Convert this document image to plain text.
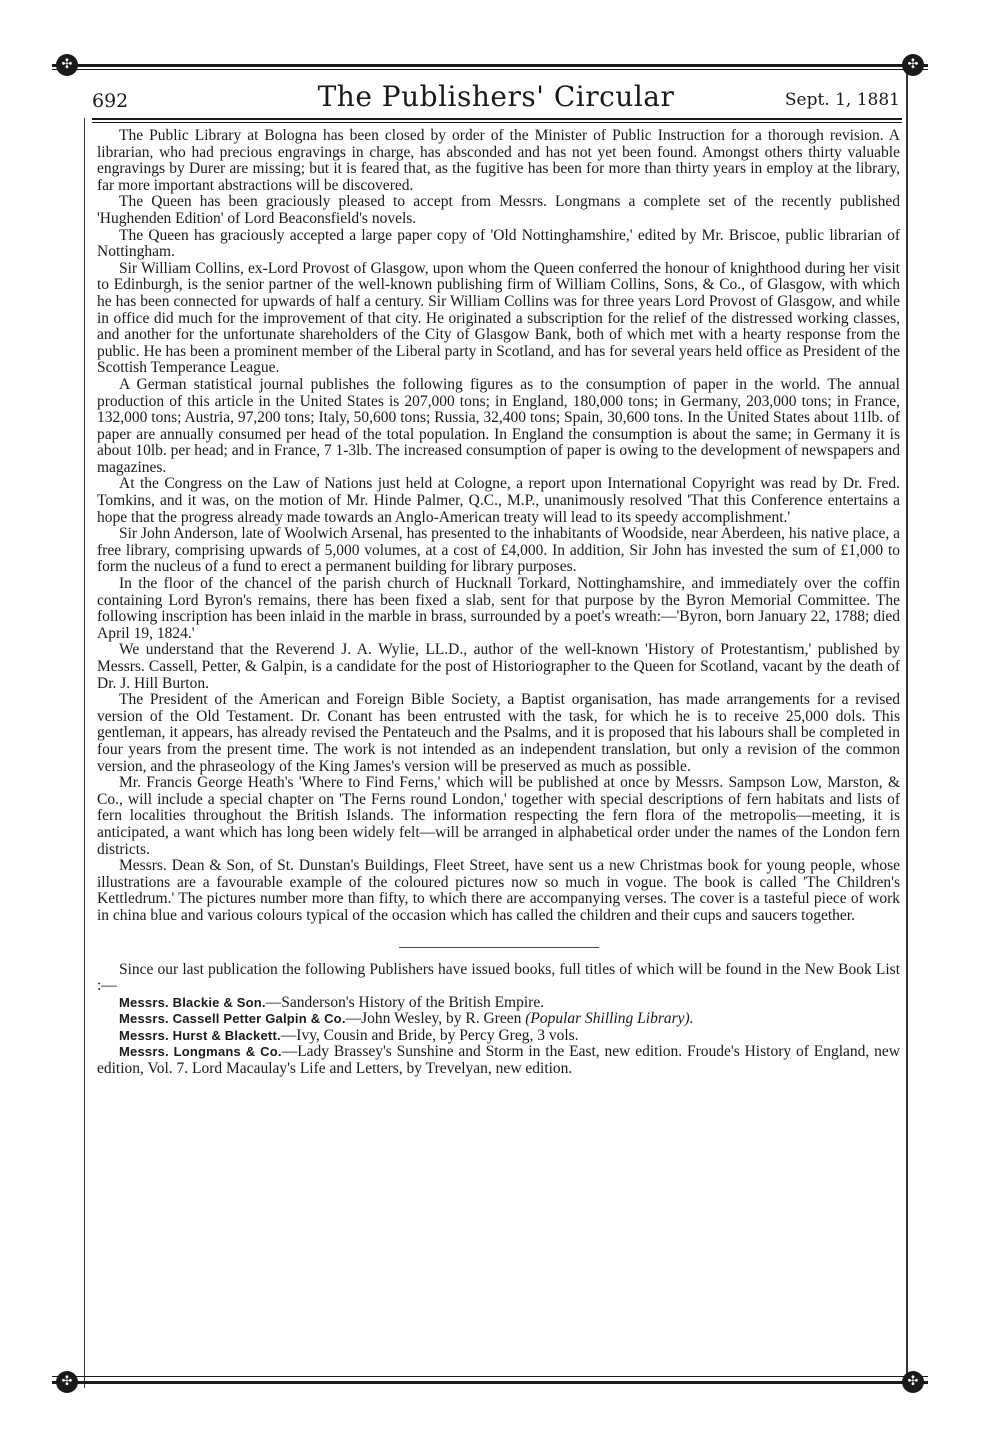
✣	✣
✣	✣
692	The Publishers' Circular	Sept. 1, 1881

The Public Library at Bologna has been closed by order of the Minister of Public Instruction for a thorough revision. A librarian, who had precious engravings in charge, has absconded and has not yet been found. Amongst others thirty valuable engravings by Durer are missing; but it is feared that, as the fugitive has been for more than thirty years in employ at the library, far more important abstractions will be discovered.

The Queen has been graciously pleased to accept from Messrs. Longmans a complete set of the recently published 'Hughenden Edition' of Lord Beaconsfield's novels.

The Queen has graciously accepted a large paper copy of 'Old Nottinghamshire,' edited by Mr. Briscoe, public librarian of Nottingham.

Sir William Collins, ex-Lord Provost of Glasgow, upon whom the Queen conferred the honour of knighthood during her visit to Edinburgh, is the senior partner of the well-known publishing firm of William Collins, Sons, & Co., of Glasgow, with which he has been connected for upwards of half a century. Sir William Collins was for three years Lord Provost of Glasgow, and while in office did much for the improvement of that city. He originated a subscription for the relief of the distressed working classes, and another for the unfortunate shareholders of the City of Glasgow Bank, both of which met with a hearty response from the public. He has been a prominent member of the Liberal party in Scotland, and has for several years held office as President of the Scottish Temperance League.

A German statistical journal publishes the following figures as to the consumption of paper in the world. The annual production of this article in the United States is 207,000 tons; in England, 180,000 tons; in Germany, 203,000 tons; in France, 132,000 tons; Austria, 97,200 tons; Italy, 50,600 tons; Russia, 32,400 tons; Spain, 30,600 tons. In the United States about 11lb. of paper are annually consumed per head of the total population. In England the consumption is about the same; in Germany it is about 10lb. per head; and in France, 7 1-3lb. The increased consumption of paper is owing to the development of newspapers and magazines.

At the Congress on the Law of Nations just held at Cologne, a report upon International Copyright was read by Dr. Fred. Tomkins, and it was, on the motion of Mr. Hinde Palmer, Q.C., M.P., unanimously resolved 'That this Conference entertains a hope that the progress already made towards an Anglo-American treaty will lead to its speedy accomplishment.'

Sir John Anderson, late of Woolwich Arsenal, has presented to the inhabitants of Woodside, near Aberdeen, his native place, a free library, comprising upwards of 5,000 volumes, at a cost of £4,000. In addition, Sir John has invested the sum of £1,000 to form the nucleus of a fund to erect a permanent building for library purposes.

In the floor of the chancel of the parish church of Hucknall Torkard, Nottinghamshire, and immediately over the coffin containing Lord Byron's remains, there has been fixed a slab, sent for that purpose by the Byron Memorial Committee. The following inscription has been inlaid in the marble in brass, surrounded by a poet's wreath:—'Byron, born January 22, 1788; died April 19, 1824.'

We understand that the Reverend J. A. Wylie, LL.D., author of the well-known 'History of Protestantism,' published by Messrs. Cassell, Petter, & Galpin, is a candidate for the post of Historiographer to the Queen for Scotland, vacant by the death of Dr. J. Hill Burton.

The President of the American and Foreign Bible Society, a Baptist organisation, has made arrangements for a revised version of the Old Testament. Dr. Conant has been entrusted with the task, for which he is to receive 25,000 dols. This gentleman, it appears, has already revised the Pentateuch and the Psalms, and it is proposed that his labours shall be completed in four years from the present time. The work is not intended as an independent translation, but only a revision of the common version, and the phraseology of the King James's version will be preserved as much as possible.

Mr. Francis George Heath's 'Where to Find Ferns,' which will be published at once by Messrs. Sampson Low, Marston, & Co., will include a special chapter on 'The Ferns round London,' together with special descriptions of fern habitats and lists of fern localities throughout the British Islands. The information respecting the fern flora of the metropolis—meeting, it is anticipated, a want which has long been widely felt—will be arranged in alphabetical order under the names of the London fern districts.

Messrs. Dean & Son, of St. Dunstan's Buildings, Fleet Street, have sent us a new Christmas book for young people, whose illustrations are a favourable example of the coloured pictures now so much in vogue. The book is called 'The Children's Kettledrum.' The pictures number more than fifty, to which there are accompanying verses. The cover is a tasteful piece of work in china blue and various colours typical of the occasion which has called the children and their cups and saucers together.

Since our last publication the following Publishers have issued books, full titles of which will be found in the New Book List :—

Messrs. Blackie & Son.—Sanderson's History of the British Empire.

Messrs. Cassell Petter Galpin & Co.—John Wesley, by R. Green (Popular Shilling Library).

Messrs. Hurst & Blackett.—Ivy, Cousin and Bride, by Percy Greg, 3 vols.

Messrs. Longmans & Co.—Lady Brassey's Sunshine and Storm in the East, new edition. Froude's History of England, new edition, Vol. 7. Lord Macaulay's Life and Letters, by Trevelyan, new edition.
